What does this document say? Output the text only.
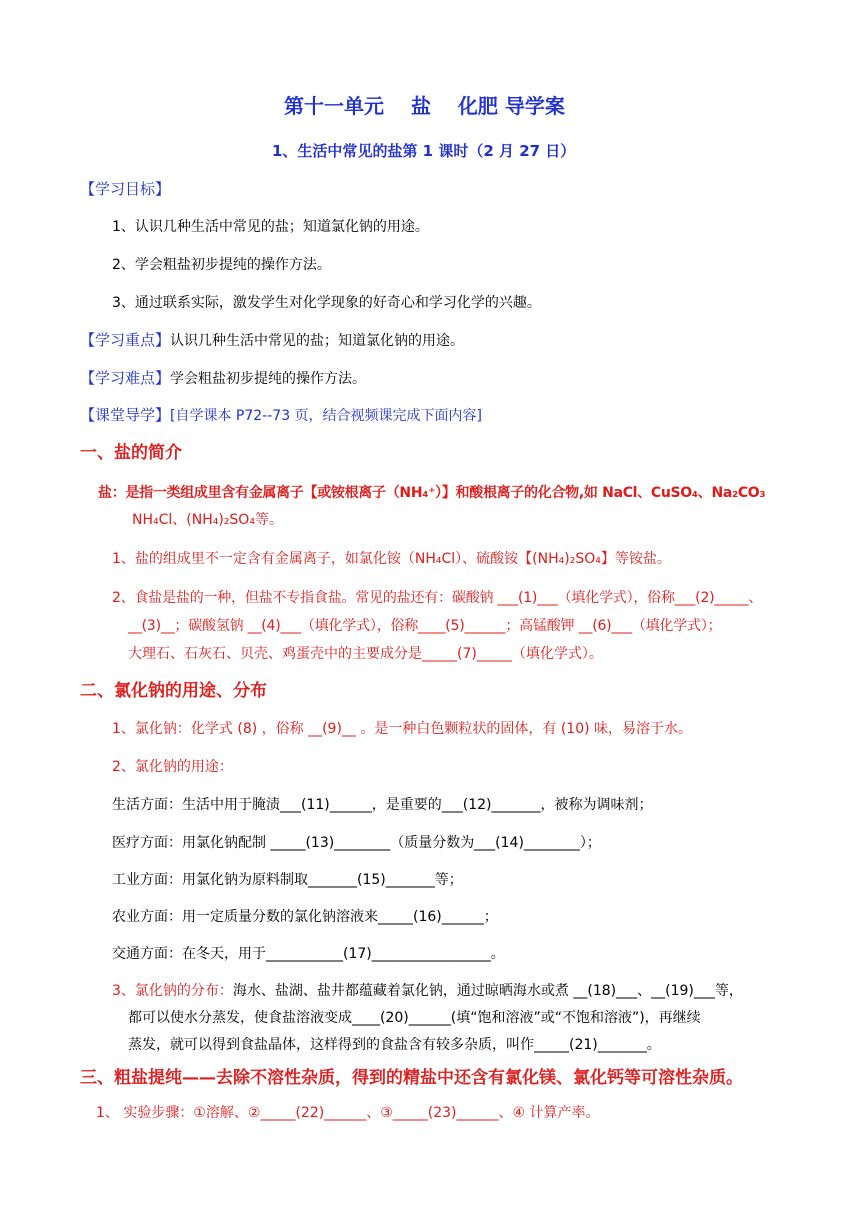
第十一单元　 盐　 化肥 导学案
1、生活中常见的盐第 1 课时（2 月 27 日）
【学习目标】
1、认识几种生活中常见的盐；知道氯化钠的用途。
2、学会粗盐初步提纯的操作方法。
3、通过联系实际，激发学生对化学现象的好奇心和学习化学的兴趣。
【学习重点】认识几种生活中常见的盐；知道氯化钠的用途。
【学习难点】学会粗盐初步提纯的操作方法。
【课堂导学】[自学课本 P72--73 页，结合视频课完成下面内容]
一、盐的简介
盐：是指一类组成里含有金属离子【或铵根离子（NH₄⁺）】和酸根离子的化合物,如 NaCl、CuSO₄、Na₂CO₃
NH₄Cl、(NH₄)₂SO₄等。
1、盐的组成里不一定含有金属离子，如氯化铵（NH₄Cl）、硫酸铵【(NH₄)₂SO₄】等铵盐。
2、食盐是盐的一种，但盐不专指食盐。常见的盐还有：碳酸钠 ___(1)___（填化学式），俗称___(2)_____、
__(3)__；碳酸氢钠 __(4)___（填化学式），俗称____(5)______；高锰酸钾 __(6)___（填化学式）；
大理石、石灰石、贝壳、鸡蛋壳中的主要成分是_____(7)_____（填化学式）。
二、氯化钠的用途、分布
1、氯化钠：化学式 (8) ，俗称 __(9)__ 。是一种白色颗粒状的固体，有 (10) 味，易溶于水。
2、氯化钠的用途：
生活方面：生活中用于腌渍___(11)______，是重要的___(12)_______，被称为调味剂；
医疗方面：用氯化钠配制 _____(13)________（质量分数为___(14)________）；
工业方面：用氯化钠为原料制取_______(15)_______等；
农业方面：用一定质量分数的氯化钠溶液来_____(16)______；
交通方面：在冬天，用于___________(17)_________________。
3、氯化钠的分布：海水、盐湖、盐井都蕴藏着氯化钠，通过晾晒海水或煮 __(18)___、__(19)___等，
都可以使水分蒸发，使食盐溶液变成____(20)______(填“饱和溶液”或“不饱和溶液”)，再继续
蒸发，就可以得到食盐晶体，这样得到的食盐含有较多杂质，叫作_____(21)_______。
三、粗盐提纯——去除不溶性杂质，得到的精盐中还含有氯化镁、氯化钙等可溶性杂质。
1、 实验步骤：①溶解、②_____(22)______、③_____(23)______、④ 计算产率。
